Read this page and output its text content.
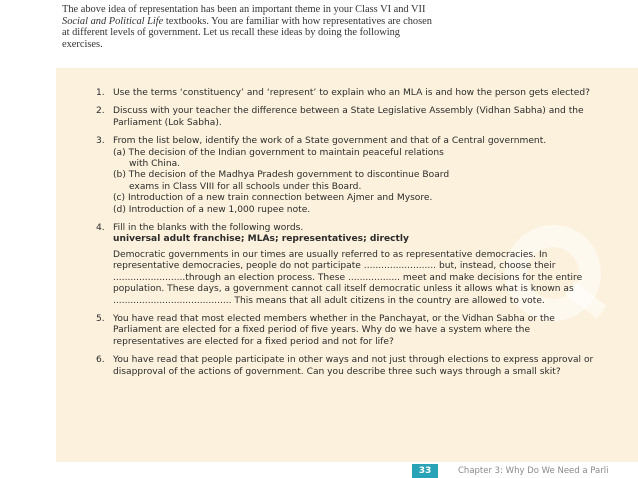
The above idea of representation has been an important theme in your Class VI and VII Social and Political Life textbooks. You are familiar with how representatives are chosen at different levels of government. Let us recall these ideas by doing the following exercises.
1. Use the terms ‘constituency’ and ‘represent’ to explain who an MLA is and how the person gets elected?
2. Discuss with your teacher the difference between a State Legislative Assembly (Vidhan Sabha) and the Parliament (Lok Sabha).
3. From the list below, identify the work of a State government and that of a Central government.
(a) The decision of the Indian government to maintain peaceful relations
with China.
(b) The decision of the Madhya Pradesh government to discontinue Board
exams in Class VIII for all schools under this Board.
(c) Introduction of a new train connection between Ajmer and Mysore.
(d) Introduction of a new 1,000 rupee note.
4. Fill in the blanks with the following words.
universal adult franchise; MLAs; representatives; directly
Democratic governments in our times are usually referred to as representative democracies. In representative democracies, people do not participate ......................... but, instead, choose their .........................through an election process. These .................. meet and make decisions for the entire population. These days, a government cannot call itself democratic unless it allows what is known as ......................................... This means that all adult citizens in the country are allowed to vote.
5. You have read that most elected members whether in the Panchayat, or the Vidhan Sabha or the Parliament are elected for a fixed period of five years. Why do we have a system where the representatives are elected for a fixed period and not for life?
6. You have read that people participate in other ways and not just through elections to express approval or disapproval of the actions of government. Can you describe three such ways through a small skit?
33	Chapter 3: Why Do We Need a Parli
